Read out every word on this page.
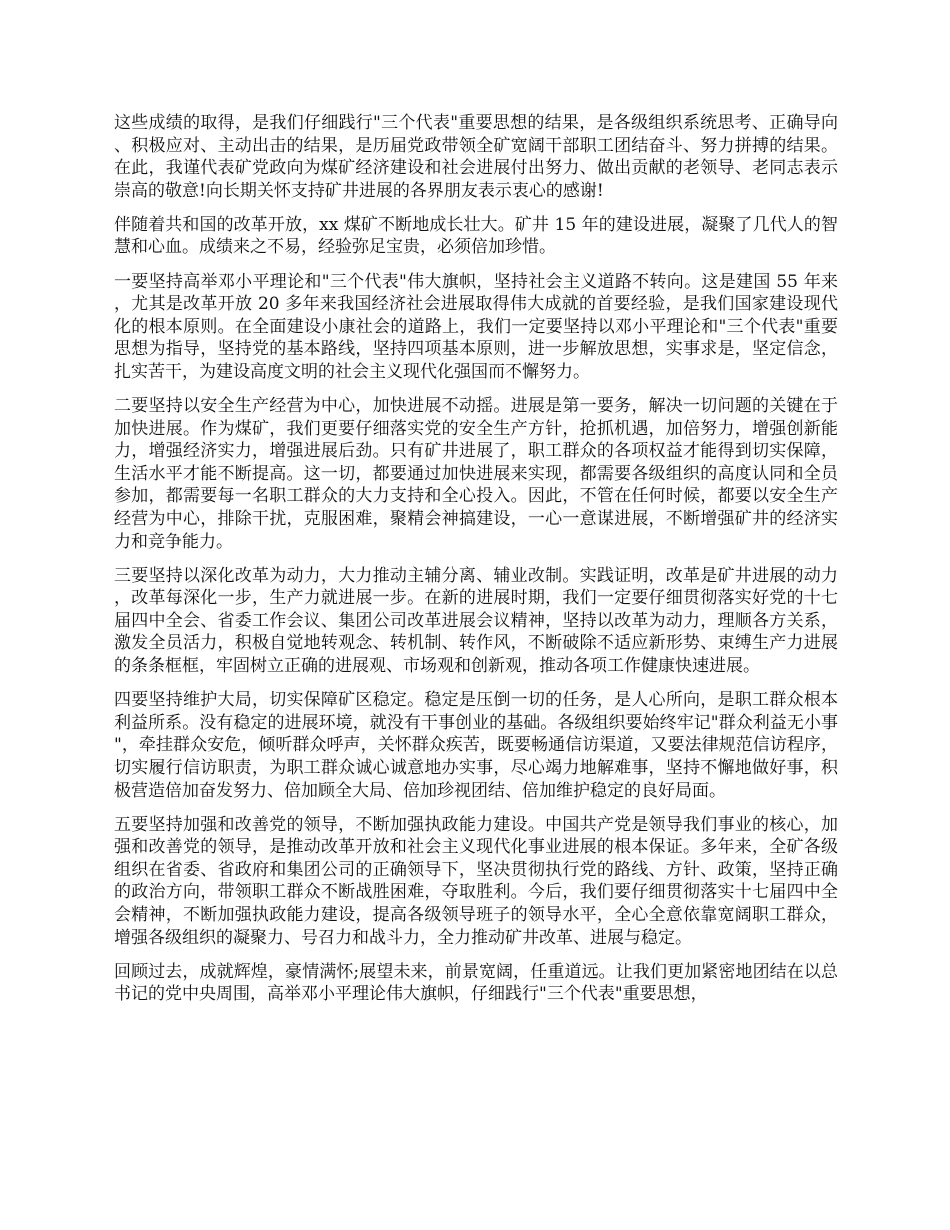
这些成绩的取得，是我们仔细践行"三个代表"重要思想的结果，是各级组织系统思考、正确导向、积极应对、主动出击的结果，是历届党政带领全矿宽阔干部职工团结奋斗、努力拼搏的结果。在此，我谨代表矿党政向为煤矿经济建设和社会进展付出努力、做出贡献的老领导、老同志表示崇高的敬意!向长期关怀支持矿井进展的各界朋友表示衷心的感谢!

伴随着共和国的改革开放，xx 煤矿不断地成长壮大。矿井 15 年的建设进展，凝聚了几代人的智慧和心血。成绩来之不易，经验弥足宝贵，必须倍加珍惜。

一要坚持高举邓小平理论和"三个代表"伟大旗帜，坚持社会主义道路不转向。这是建国 55 年来，尤其是改革开放 20 多年来我国经济社会进展取得伟大成就的首要经验，是我们国家建设现代化的根本原则。在全面建设小康社会的道路上，我们一定要坚持以邓小平理论和"三个代表"重要思想为指导，坚持党的基本路线，坚持四项基本原则，进一步解放思想，实事求是，坚定信念，扎实苦干，为建设高度文明的社会主义现代化强国而不懈努力。

二要坚持以安全生产经营为中心，加快进展不动摇。进展是第一要务，解决一切问题的关键在于加快进展。作为煤矿，我们更要仔细落实党的安全生产方针，抢抓机遇，加倍努力，增强创新能力，增强经济实力，增强进展后劲。只有矿井进展了，职工群众的各项权益才能得到切实保障，生活水平才能不断提高。这一切，都要通过加快进展来实现，都需要各级组织的高度认同和全员参加，都需要每一名职工群众的大力支持和全心投入。因此，不管在任何时候，都要以安全生产经营为中心，排除干扰，克服困难，聚精会神搞建设，一心一意谋进展，不断增强矿井的经济实力和竞争能力。

三要坚持以深化改革为动力，大力推动主辅分离、辅业改制。实践证明，改革是矿井进展的动力，改革每深化一步，生产力就进展一步。在新的进展时期，我们一定要仔细贯彻落实好党的十七届四中全会、省委工作会议、集团公司改革进展会议精神，坚持以改革为动力，理顺各方关系，激发全员活力，积极自觉地转观念、转机制、转作风，不断破除不适应新形势、束缚生产力进展的条条框框，牢固树立正确的进展观、市场观和创新观，推动各项工作健康快速进展。

四要坚持维护大局，切实保障矿区稳定。稳定是压倒一切的任务，是人心所向，是职工群众根本利益所系。没有稳定的进展环境，就没有干事创业的基础。各级组织要始终牢记"群众利益无小事"，牵挂群众安危，倾听群众呼声，关怀群众疾苦，既要畅通信访渠道，又要法律规范信访程序，切实履行信访职责，为职工群众诚心诚意地办实事，尽心竭力地解难事，坚持不懈地做好事，积极营造倍加奋发努力、倍加顾全大局、倍加珍视团结、倍加维护稳定的良好局面。

五要坚持加强和改善党的领导，不断加强执政能力建设。中国共产党是领导我们事业的核心，加强和改善党的领导，是推动改革开放和社会主义现代化事业进展的根本保证。多年来，全矿各级组织在省委、省政府和集团公司的正确领导下，坚决贯彻执行党的路线、方针、政策，坚持正确的政治方向，带领职工群众不断战胜困难，夺取胜利。今后，我们要仔细贯彻落实十七届四中全会精神，不断加强执政能力建设，提高各级领导班子的领导水平，全心全意依靠宽阔职工群众，增强各级组织的凝聚力、号召力和战斗力，全力推动矿井改革、进展与稳定。

回顾过去，成就辉煌，豪情满怀;展望未来，前景宽阔，任重道远。让我们更加紧密地团结在以总书记的党中央周围，高举邓小平理论伟大旗帜，仔细践行"三个代表"重要思想，
